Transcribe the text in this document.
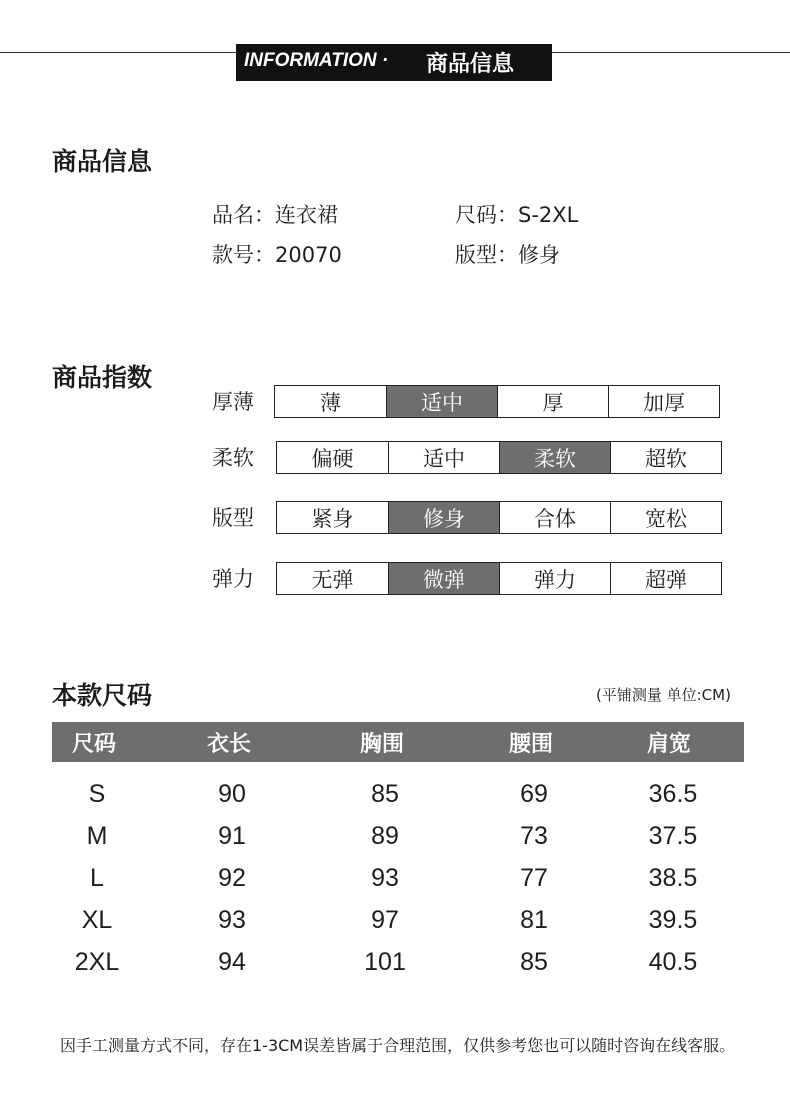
INFORMATION · 商品信息
商品信息
品名：连衣裙	尺码：S-2XL
款号：20070	版型：修身
商品指数
厚薄	薄	适中	厚	加厚
柔软	偏硬	适中	柔软	超软
版型	紧身	修身	合体	宽松
弹力	无弹	微弹	弹力	超弹
本款尺码	(平铺测量 单位:CM)
尺码	衣长	胸围	腰围	肩宽
S	90	85	69	36.5
M	91	89	73	37.5
L	92	93	77	38.5
XL	93	97	81	39.5
2XL	94	101	85	40.5
因手工测量方式不同，存在1-3CM误差皆属于合理范围，仅供参考您也可以随时咨询在线客服。
